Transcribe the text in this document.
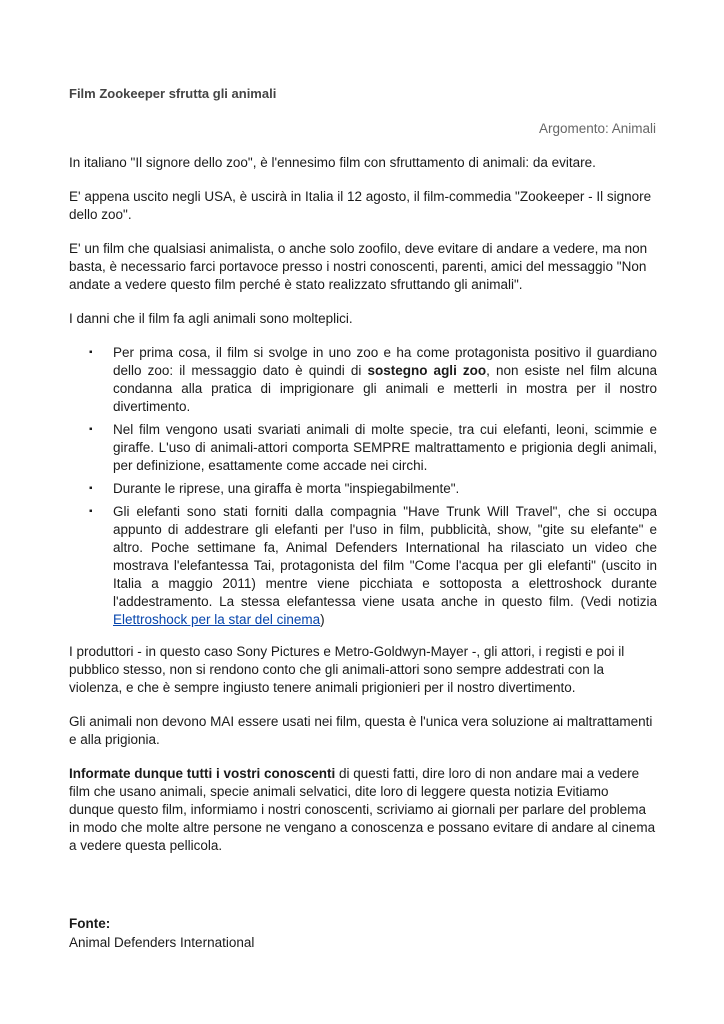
Film Zookeeper sfrutta gli animali
Argomento: Animali

In italiano "Il signore dello zoo", è l'ennesimo film con sfruttamento di animali: da evitare.

E' appena uscito negli USA, è uscirà in Italia il 12 agosto, il film-commedia "Zookeeper - Il signore dello zoo".

E' un film che qualsiasi animalista, o anche solo zoofilo, deve evitare di andare a vedere, ma non basta, è necessario farci portavoce presso i nostri conoscenti, parenti, amici del messaggio "Non andate a vedere questo film perché è stato realizzato sfruttando gli animali".

I danni che il film fa agli animali sono molteplici.

▪ Per prima cosa, il film si svolge in uno zoo e ha come protagonista positivo il guardiano dello zoo: il messaggio dato è quindi di sostegno agli zoo, non esiste nel film alcuna condanna alla pratica di imprigionare gli animali e metterli in mostra per il nostro divertimento.
▪ Nel film vengono usati svariati animali di molte specie, tra cui elefanti, leoni, scimmie e giraffe. L'uso di animali-attori comporta SEMPRE maltrattamento e prigionia degli animali, per definizione, esattamente come accade nei circhi.
▪ Durante le riprese, una giraffa è morta "inspiegabilmente".
▪ Gli elefanti sono stati forniti dalla compagnia "Have Trunk Will Travel", che si occupa appunto di addestrare gli elefanti per l'uso in film, pubblicità, show, "gite su elefante" e altro. Poche settimane fa, Animal Defenders International ha rilasciato un video che mostrava l'elefantessa Tai, protagonista del film "Come l'acqua per gli elefanti" (uscito in Italia a maggio 2011) mentre viene picchiata e sottoposta a elettroshock durante l'addestramento. La stessa elefantessa viene usata anche in questo film. (Vedi notizia Elettroshock per la star del cinema)

I produttori - in questo caso Sony Pictures e Metro-Goldwyn-Mayer -, gli attori, i registi e poi il pubblico stesso, non si rendono conto che gli animali-attori sono sempre addestrati con la violenza, e che è sempre ingiusto tenere animali prigionieri per il nostro divertimento.

Gli animali non devono MAI essere usati nei film, questa è l'unica vera soluzione ai maltrattamenti e alla prigionia.

Informate dunque tutti i vostri conoscenti di questi fatti, dire loro di non andare mai a vedere film che usano animali, specie animali selvatici, dite loro di leggere questa notizia Evitiamo dunque questo film, informiamo i nostri conoscenti, scriviamo ai giornali per parlare del problema in modo che molte altre persone ne vengano a conoscenza e possano evitare di andare al cinema a vedere questa pellicola.

Fonte:
Animal Defenders International
